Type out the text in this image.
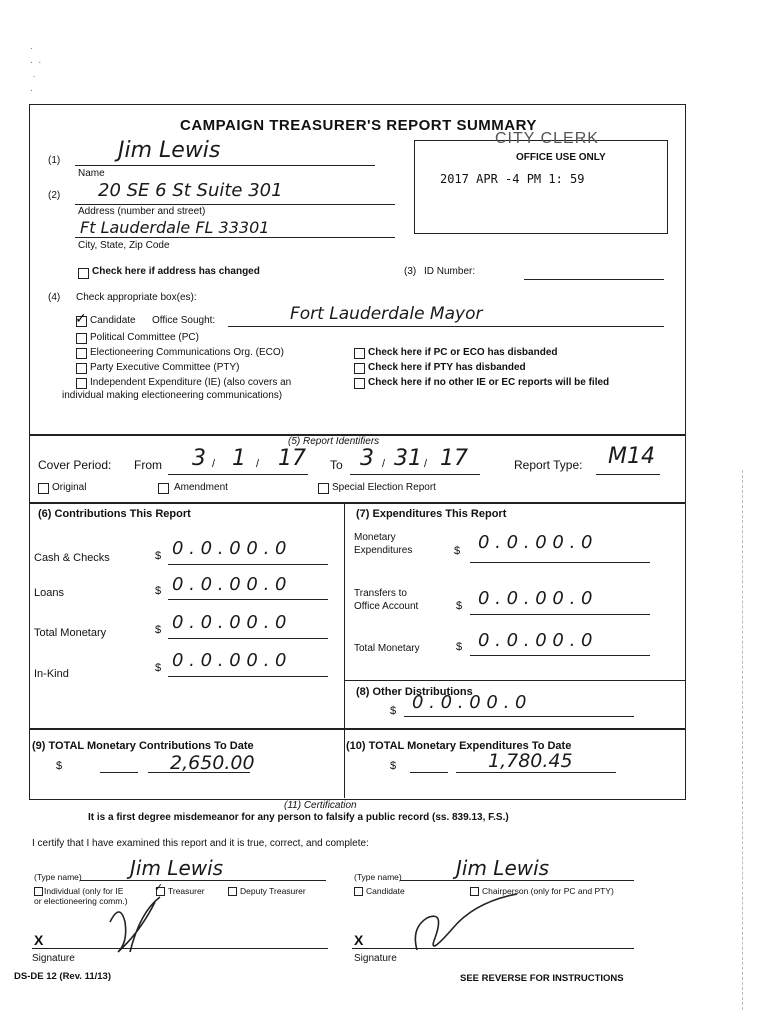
.
.  .
.
.
CAMPAIGN TREASURER'S REPORT SUMMARY
CITY CLERK
OFFICE USE ONLY
2017 APR -4 PM 1: 59
(1)	Jim Lewis
Name
(2) 20 SE 6 St Suite 301
Address (number and street)
Ft Lauderdale FL 33301
City, State, Zip Code
Check here if address has changed	(3) ID Number:
(4) Check appropriate box(es):
✓ Candidate Office Sought:	Fort Lauderdale Mayor
Political Committee (PC)
Electioneering Communications Org. (ECO)
Party Executive Committee (PTY)
Independent Expenditure (IE) (also covers an
individual making electioneering communications)
Check here if PC or ECO has disbanded
Check here if PTY has disbanded
Check here if no other IE or EC reports will be filed
(5) Report Identifiers
Cover Period: From 3 / 1 / 17 To 3 / 31 / 17	Report Type: M14
Original	Amendment	Special Election Report
(6) Contributions This Report
Cash & Checks	$ 0 . 0 . 0 0 . 0
Loans	$ 0 . 0 . 0 0 . 0
Total Monetary	$ 0 . 0 . 0 0 . 0
In-Kind	$ 0 . 0 . 0 0 . 0
(7) Expenditures This Report
Monetary
Expenditures	$ 0 . 0 . 0 0 . 0
Transfers to
Office Account	$ 0 . 0 . 0 0 . 0
Total Monetary	$ 0 . 0 . 0 0 . 0
(8) Other Distributions
$ 0 . 0 . 0 0 . 0
(9) TOTAL Monetary Contributions To Date
$	2,650.00
(10) TOTAL Monetary Expenditures To Date
$	1,780.45
(11) Certification
It is a first degree misdemeanor for any person to falsify a public record (ss. 839.13, F.S.)
I certify that I have examined this report and it is true, correct, and complete:
(Type name) Jim Lewis	(Type name)	Jim Lewis
Individual (only for IE
or electioneering comm.)
✓ Treasurer	Deputy Treasurer	Candidate	Chairperson (only for PC and PTY)
X
Signature
X
Signature
DS-DE 12 (Rev. 11/13)	SEE REVERSE FOR INSTRUCTIONS
